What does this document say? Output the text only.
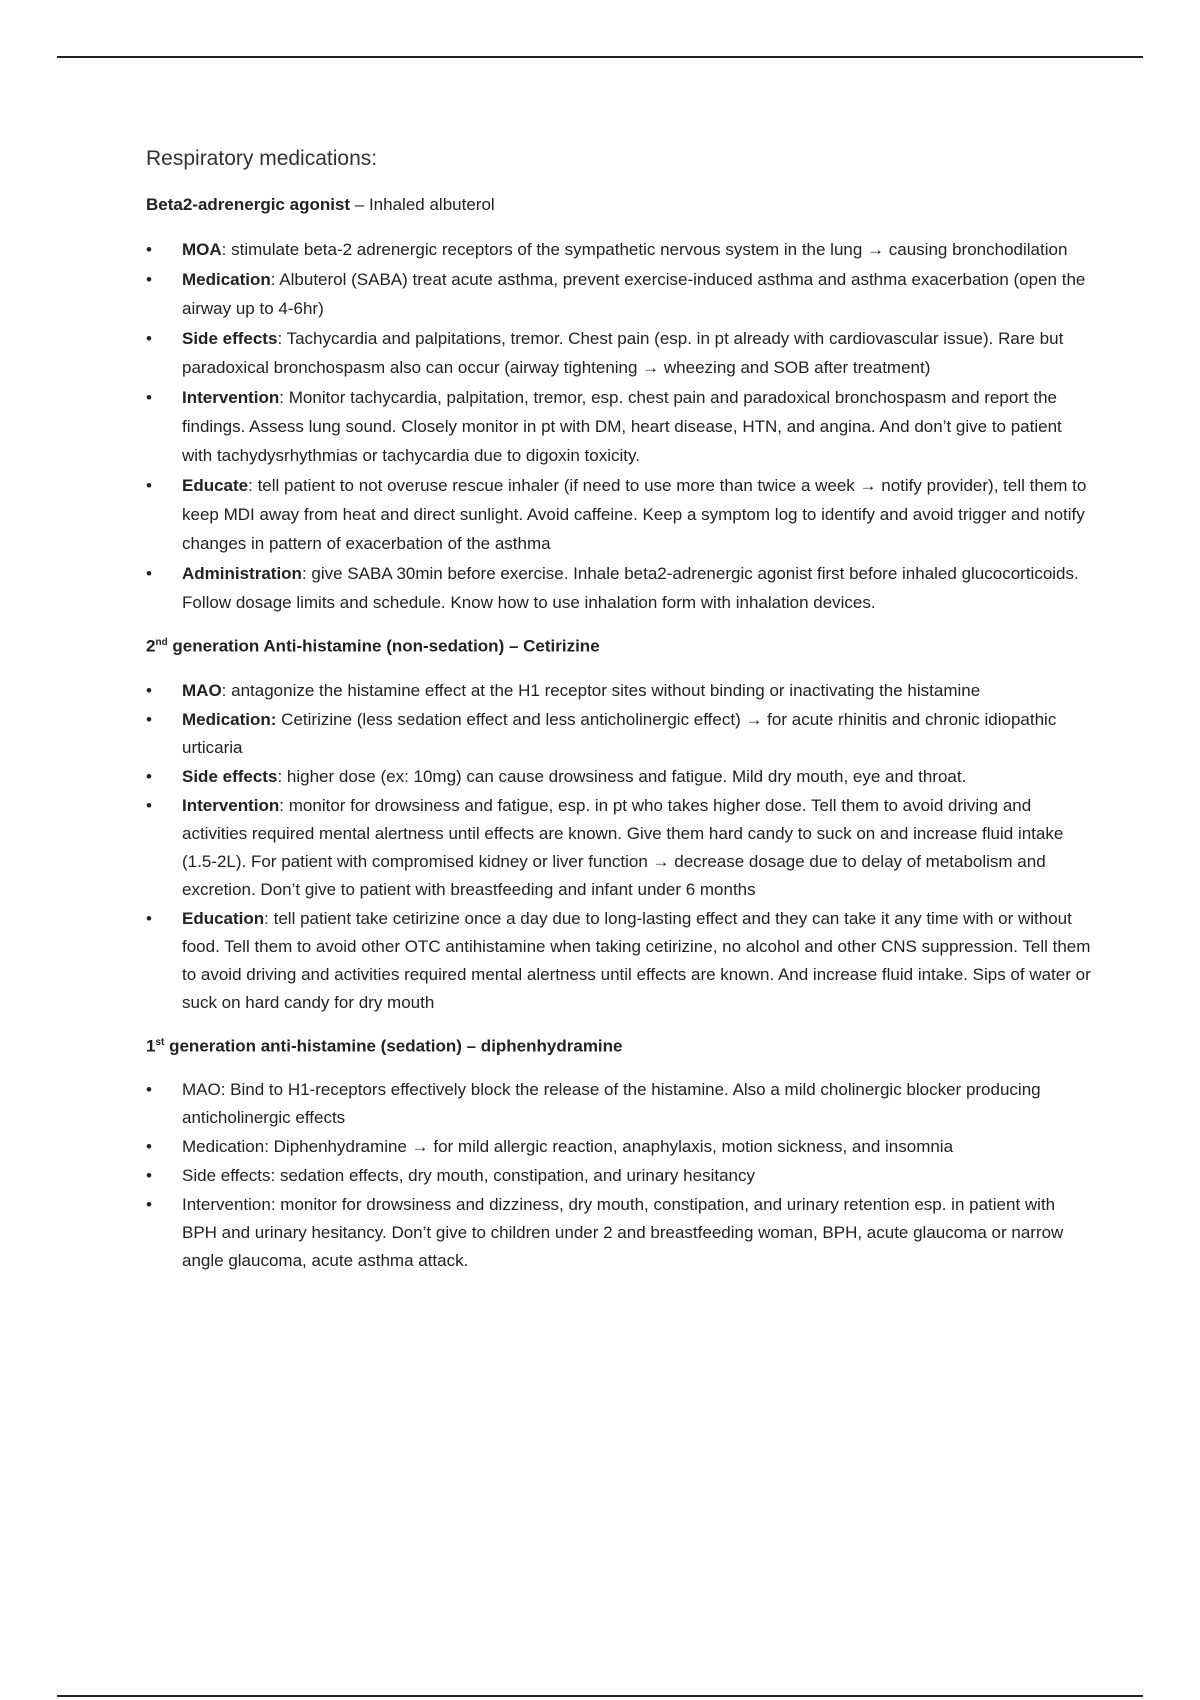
Respiratory medications:
Beta2-adrenergic agonist – Inhaled albuterol
• MOA: stimulate beta-2 adrenergic receptors of the sympathetic nervous system in the lung → causing bronchodilation
• Medication: Albuterol (SABA) treat acute asthma, prevent exercise-induced asthma and asthma exacerbation (open the airway up to 4-6hr)
• Side effects: Tachycardia and palpitations, tremor. Chest pain (esp. in pt already with cardiovascular issue). Rare but paradoxical bronchospasm also can occur (airway tightening → wheezing and SOB after treatment)
• Intervention: Monitor tachycardia, palpitation, tremor, esp. chest pain and paradoxical bronchospasm and report the findings. Assess lung sound. Closely monitor in pt with DM, heart disease, HTN, and angina. And don’t give to patient with tachydysrhythmias or tachycardia due to digoxin toxicity.
• Educate: tell patient to not overuse rescue inhaler (if need to use more than twice a week → notify provider), tell them to keep MDI away from heat and direct sunlight. Avoid caffeine. Keep a symptom log to identify and avoid trigger and notify changes in pattern of exacerbation of the asthma
• Administration: give SABA 30min before exercise. Inhale beta2-adrenergic agonist first before inhaled glucocorticoids. Follow dosage limits and schedule. Know how to use inhalation form with inhalation devices.
2nd generation Anti-histamine (non-sedation) – Cetirizine
• MAO: antagonize the histamine effect at the H1 receptor sites without binding or inactivating the histamine
• Medication: Cetirizine (less sedation effect and less anticholinergic effect) → for acute rhinitis and chronic idiopathic urticaria
• Side effects: higher dose (ex: 10mg) can cause drowsiness and fatigue. Mild dry mouth, eye and throat.
• Intervention: monitor for drowsiness and fatigue, esp. in pt who takes higher dose. Tell them to avoid driving and activities required mental alertness until effects are known. Give them hard candy to suck on and increase fluid intake (1.5-2L). For patient with compromised kidney or liver function → decrease dosage due to delay of metabolism and excretion. Don’t give to patient with breastfeeding and infant under 6 months
• Education: tell patient take cetirizine once a day due to long-lasting effect and they can take it any time with or without food. Tell them to avoid other OTC antihistamine when taking cetirizine, no alcohol and other CNS suppression. Tell them to avoid driving and activities required mental alertness until effects are known. And increase fluid intake. Sips of water or suck on hard candy for dry mouth
1st generation anti-histamine (sedation) – diphenhydramine
• MAO: Bind to H1-receptors effectively block the release of the histamine. Also a mild cholinergic blocker producing anticholinergic effects
• Medication: Diphenhydramine → for mild allergic reaction, anaphylaxis, motion sickness, and insomnia
• Side effects: sedation effects, dry mouth, constipation, and urinary hesitancy
• Intervention: monitor for drowsiness and dizziness, dry mouth, constipation, and urinary retention esp. in patient with BPH and urinary hesitancy. Don’t give to children under 2 and breastfeeding woman, BPH, acute glaucoma or narrow angle glaucoma, acute asthma attack.
